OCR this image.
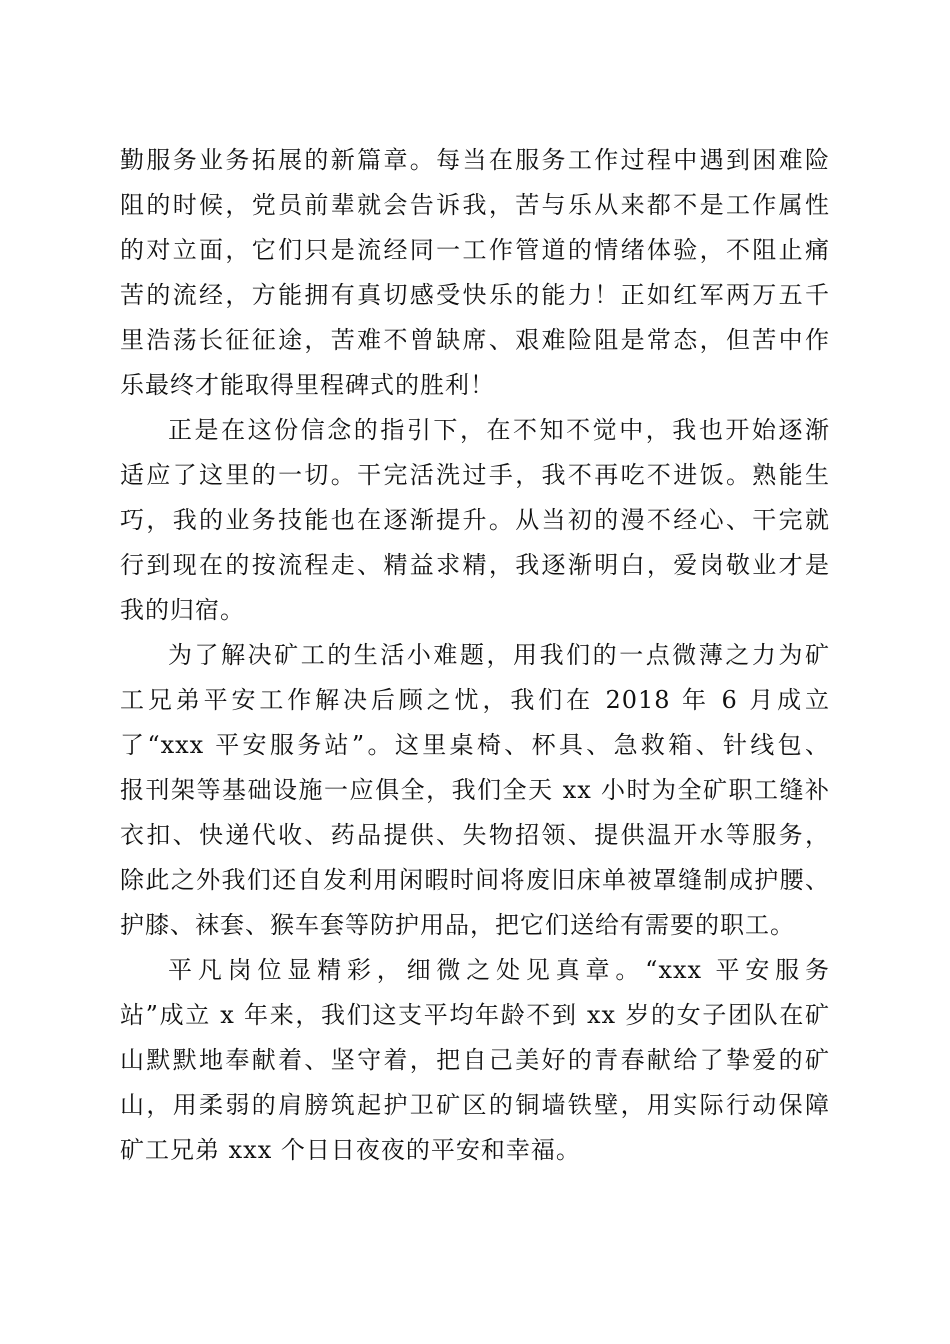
勤服务业务拓展的新篇章。每当在服务工作过程中遇到困难险
阻的时候，党员前辈就会告诉我，苦与乐从来都不是工作属性
的对立面，它们只是流经同一工作管道的情绪体验，不阻止痛
苦的流经，方能拥有真切感受快乐的能力！正如红军两万五千
里浩荡长征征途，苦难不曾缺席、艰难险阻是常态，但苦中作
乐最终才能取得里程碑式的胜利！
正是在这份信念的指引下，在不知不觉中，我也开始逐渐
适应了这里的一切。干完活洗过手，我不再吃不进饭。熟能生
巧，我的业务技能也在逐渐提升。从当初的漫不经心、干完就
行到现在的按流程走、精益求精，我逐渐明白，爱岗敬业才是
我的归宿。
为了解决矿工的生活小难题，用我们的一点微薄之力为矿
工兄弟平安工作解决后顾之忧，我们在 2018 年 6 月成立
了“xxx 平安服务站”。这里桌椅、杯具、急救箱、针线包、
报刊架等基础设施一应俱全，我们全天 xx 小时为全矿职工缝补
衣扣、快递代收、药品提供、失物招领、提供温开水等服务，
除此之外我们还自发利用闲暇时间将废旧床单被罩缝制成护腰、
护膝、袜套、猴车套等防护用品，把它们送给有需要的职工。
平凡岗位显精彩，细微之处见真章。“xxx 平安服务
站”成立 x 年来，我们这支平均年龄不到 xx 岁的女子团队在矿
山默默地奉献着、坚守着，把自己美好的青春献给了挚爱的矿
山，用柔弱的肩膀筑起护卫矿区的铜墙铁壁，用实际行动保障
矿工兄弟 xxx 个日日夜夜的平安和幸福。
